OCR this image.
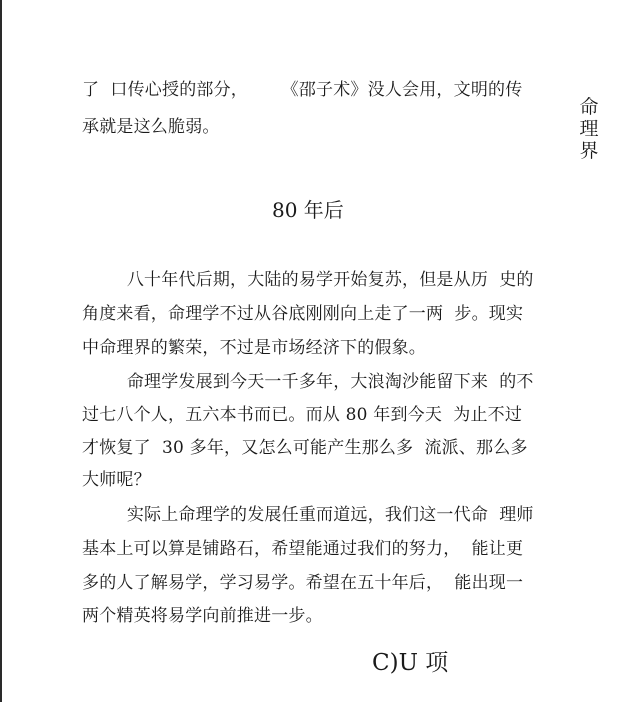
命
理
界
了  口传心授的部分，      《邵子术》没人会用，文明的传
承就是这么脆弱。
80 年后
八十年代后期，大陆的易学开始复苏，但是从历  史的
角度来看，命理学不过从谷底刚刚向上走了一两  步。现实
中命理界的繁荣，不过是市场经济下的假象。
命理学发展到今天一千多年，大浪淘沙能留下来  的不
过七八个人，五六本书而已。而从 80 年到今天  为止不过
才恢复了  30 多年，又怎么可能产生那么多  流派、那么多
大师呢？
实际上命理学的发展任重而道远，我们这一代命  理师
基本上可以算是铺路石，希望能通过我们的努力，  能让更
多的人了解易学，学习易学。希望在五十年后，  能出现一
两个精英将易学向前推进一步。
C)U 项
